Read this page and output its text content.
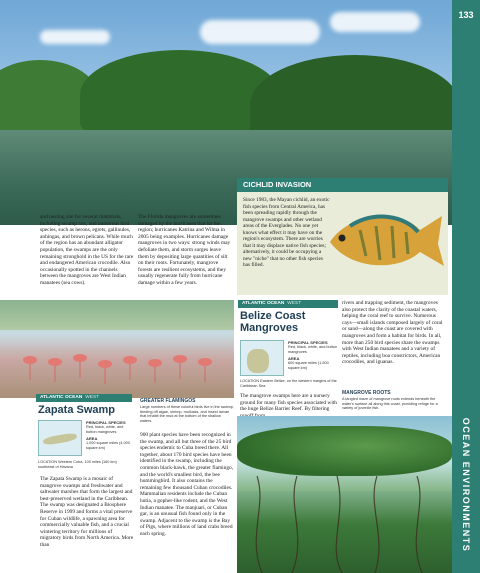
133
OCEAN ENVIRONMENTS
and nesting site for several mammals, including swamp rats, and numerous bird species, such as herons, egrets, gallinules, anhingas, and brown pelicans. While much of the region has an abundant alligator population, the swamps are the only remaining stronghold in the US for the rare and endangered American crocodile. Also occasionally spotted in the channels between the mangroves are West Indian manatees (sea cows).
The Florida mangroves are sometimes damaged by the hurricanes that hit the region; hurricanes Katrina and Wilma in 2005 being examples. Hurricanes damage mangroves in two ways: strong winds may defoliate them, and storm surges leave them by depositing large quantities of silt on their roots. Fortunately, mangrove forests are resilient ecosystems, and they usually regenerate fully from hurricane damage within a few years.
CICHLID INVASION
Since 1983, the Mayan cichlid, an exotic fish species from Central America, has been spreading rapidly through the mangrove swamps and other wetland areas of the Everglades. No one yet knows what effect it may have on the region's ecosystem. There are worries that it may displace native fish species; alternatively, it could be occupying a new "niche" that no other fish species has filled.
ATLANTIC OCEAN WEST
Zapata Swamp
PRINCIPAL SPECIES
Red, black, white, and button mangroves
AREA
1,000 square miles (4,000 square km)
LOCATION Western Cuba, 100 miles (160 km) southeast of Havana
The Zapata Swamp is a mosaic of mangrove swamps and freshwater and saltwater marshes that form the largest and best-preserved wetland in the Caribbean. The swamp was designated a Biosphere Reserve in 1999 and forms a vital preserve for Cuban wildlife, a spawning area for commercially valuable fish, and a crucial wintering territory for millions of migratory birds from North America. More than
GREATER FLAMINGOS
Large numbers of these colorful birds live in the swamp, feeding off algae, shrimp, mollusks, and insect larvae that inhabit the mud at the bottom of the shallow waters.
900 plant species have been recognized in the swamp, and all but three of the 25 bird species endemic to Cuba breed there. All together, about 170 bird species have been identified in the swamp, including the common black-hawk, the greater flamingo, and the world's smallest bird, the bee hummingbird. It also contains the remaining few thousand Cuban crocodiles. Mammalian residents include the Cuban hutia, a gopher-like rodent, and the West Indian manatee. The manjuari, or Cuban gar, is an unusual fish found only in the swamp. Adjacent to the swamp is the Bay of Pigs, where millions of land crabs breed each spring.
ATLANTIC OCEAN WEST
Belize Coast
Mangroves
PRINCIPAL SPECIES
Red, black, white, and button mangroves
AREA
600 square miles (1,500 square km)
LOCATION Eastern Belize, on the western margins of the Caribbean Sea
The mangrove swamps here are a nursery ground for many fish species associated with the huge Belize Barrier Reef. By filtering
rivers and trapping sediment, the mangroves also protect the clarity of the coastal waters, helping the coral reef to survive. Numerous cays—small islands composed largely of coral or sand—along the coast are covered with mangroves and form a habitat for birds. In all, more than 250 bird species share the swamps with West Indian manatees and a variety of reptiles, including boa constrictors, American crocodiles, and iguanas.
MANGROVE ROOTS
A tangled maze of mangrove roots extends beneath the water's surface all along this coast, providing refuge for a variety of juvenile fish.
